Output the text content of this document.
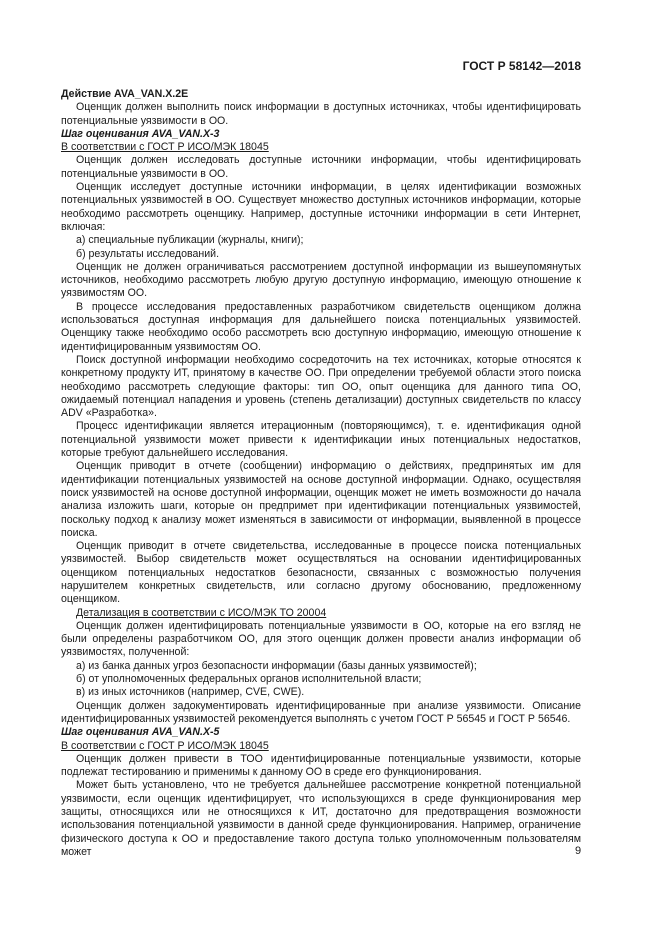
ГОСТ Р 58142—2018

Действие AVA_VAN.X.2E

Оценщик должен выполнить поиск информации в доступных источниках, чтобы идентифицировать потенциальные уязвимости в ОО.

Шаг оценивания AVA_VAN.X-3

В соответствии с ГОСТ Р ИСО/МЭК 18045

Оценщик должен исследовать доступные источники информации, чтобы идентифицировать потенциальные уязвимости в ОО.

Оценщик исследует доступные источники информации, в целях идентификации возможных потенциальных уязвимостей в ОО. Существует множество доступных источников информации, которые необходимо рассмотреть оценщику. Например, доступные источники информации в сети Интернет, включая:

а) специальные публикации (журналы, книги);

б) результаты исследований.

Оценщик не должен ограничиваться рассмотрением доступной информации из вышеупомянутых источников, необходимо рассмотреть любую другую доступную информацию, имеющую отношение к уязвимостям ОО.

В процессе исследования предоставленных разработчиком свидетельств оценщиком должна использоваться доступная информация для дальнейшего поиска потенциальных уязвимостей. Оценщику также необходимо особо рассмотреть всю доступную информацию, имеющую отношение к идентифицированным уязвимостям ОО.

Поиск доступной информации необходимо сосредоточить на тех источниках, которые относятся к конкретному продукту ИТ, принятому в качестве ОО. При определении требуемой области этого поиска необходимо рассмотреть следующие факторы: тип ОО, опыт оценщика для данного типа ОО, ожидаемый потенциал нападения и уровень (степень детализации) доступных свидетельств по классу ADV «Разработка».

Процесс идентификации является итерационным (повторяющимся), т. е. идентификация одной потенциальной уязвимости может привести к идентификации иных потенциальных недостатков, которые требуют дальнейшего исследования.

Оценщик приводит в отчете (сообщении) информацию о действиях, предпринятых им для идентификации потенциальных уязвимостей на основе доступной информации. Однако, осуществляя поиск уязвимостей на основе доступной информации, оценщик может не иметь возможности до начала анализа изложить шаги, которые он предпримет при идентификации потенциальных уязвимостей, поскольку подход к анализу может изменяться в зависимости от информации, выявленной в процессе поиска.

Оценщик приводит в отчете свидетельства, исследованные в процессе поиска потенциальных уязвимостей. Выбор свидетельств может осуществляться на основании идентифицированных оценщиком потенциальных недостатков безопасности, связанных с возможностью получения нарушителем конкретных свидетельств, или согласно другому обоснованию, предложенному оценщиком.

Детализация в соответствии с ИСО/МЭК ТО 20004

Оценщик должен идентифицировать потенциальные уязвимости в ОО, которые на его взгляд не были определены разработчиком ОО, для этого оценщик должен провести анализ информации об уязвимостях, полученной:

а) из банка данных угроз безопасности информации (базы данных уязвимостей);

б) от уполномоченных федеральных органов исполнительной власти;

в) из иных источников (например, CVE, CWE).

Оценщик должен задокументировать идентифицированные при анализе уязвимости. Описание идентифицированных уязвимостей рекомендуется выполнять с учетом ГОСТ Р 56545 и ГОСТ Р 56546.

Шаг оценивания AVA_VAN.X-5

В соответствии с ГОСТ Р ИСО/МЭК 18045

Оценщик должен привести в ТОО идентифицированные потенциальные уязвимости, которые подлежат тестированию и применимы к данному ОО в среде его функционирования.

Может быть установлено, что не требуется дальнейшее рассмотрение конкретной потенциальной уязвимости, если оценщик идентифицирует, что использующихся в среде функционирования мер защиты, относящихся или не относящихся к ИТ, достаточно для предотвращения возможности использования потенциальной уязвимости в данной среде функционирования. Например, ограничение физического доступа к ОО и предоставление такого доступа только уполномоченным пользователям может	9
